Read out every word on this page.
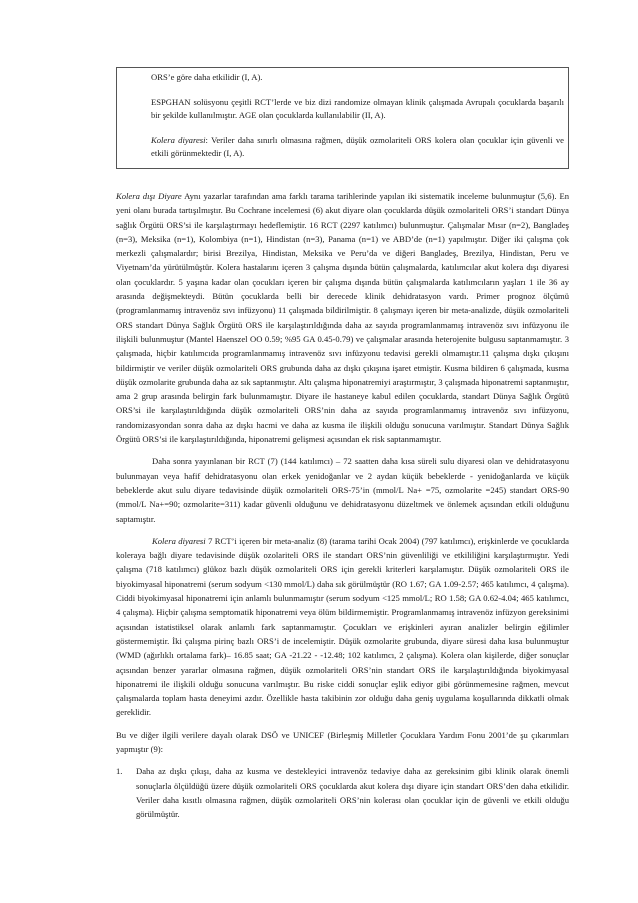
ORS’e göre daha etkilidir (I, A).

ESPGHAN solüsyonu çeşitli RCT’lerde ve biz dizi randomize olmayan klinik çalışmada Avrupalı çocuklarda başarılı bir şekilde kullanılmıştır. AGE olan çocuklarda kullanılabilir (II, A).

Kolera diyaresi: Veriler daha sınırlı olmasına rağmen, düşük ozmolariteli ORS kolera olan çocuklar için güvenli ve etkili görünmektedir (I, A).

Kolera dışı Diyare Aynı yazarlar tarafından ama farklı tarama tarihlerinde yapılan iki sistematik inceleme bulunmuştur (5,6). En yeni olanı burada tartışılmıştır. Bu Cochrane incelemesi (6) akut diyare olan çocuklarda düşük ozmolariteli ORS’i standart Dünya sağlık Örgütü ORS’si ile karşılaştırmayı hedeflemiştir. 16 RCT (2297 katılımcı) bulunmuştur. Çalışmalar Mısır (n=2), Bangladeş (n=3), Meksika (n=1), Kolombiya (n=1), Hindistan (n=3), Panama (n=1) ve ABD’de (n=1) yapılmıştır. Diğer iki çalışma çok merkezli çalışmalardır; birisi Brezilya, Hindistan, Meksika ve Peru’da ve diğeri Bangladeş, Brezilya, Hindistan, Peru ve Viyetnam’da yürütülmüştür. Kolera hastalarını içeren 3 çalışma dışında bütün çalışmalarda, katılımcılar akut kolera dışı diyaresi olan çocuklardır. 5 yaşına kadar olan çocukları içeren bir çalışma dışında bütün çalışmalarda katılımcıların yaşları 1 ile 36 ay arasında değişmekteydi. Bütün çocuklarda belli bir derecede klinik dehidratasyon vardı. Primer prognoz ölçümü (programlanmamış intravenöz sıvı infüzyonu) 11 çalışmada bildirilmiştir. 8 çalışmayı içeren bir meta-analizde, düşük ozmolariteli ORS standart Dünya Sağlık Örgütü ORS ile karşılaştırıldığında daha az sayıda programlanmamış intravenöz sıvı infüzyonu ile ilişkili bulunmuştur (Mantel Haenszel OO 0.59; %95 GA 0.45-0.79) ve çalışmalar arasında heterojenite bulgusu saptanmamıştır. 3 çalışmada, hiçbir katılımcıda programlanmamış intravenöz sıvı infüzyonu tedavisi gerekli olmamıştır.11 çalışma dışkı çıkışını bildirmiştir ve veriler düşük ozmolariteli ORS grubunda daha az dışkı çıkışına işaret etmiştir. Kusma bildiren 6 çalışmada, kusma düşük ozmolarite grubunda daha az sık saptanmıştır. Altı çalışma hiponatremiyi araştırmıştır, 3 çalışmada hiponatremi saptanmıştır, ama 2 grup arasında belirgin fark bulunmamıştır. Diyare ile hastaneye kabul edilen çocuklarda, standart Dünya Sağlık Örgütü ORS’si ile karşılaştırıldığında düşük ozmolariteli ORS’nin daha az sayıda programlanmamış intravenöz sıvı infüzyonu, randomizasyondan sonra daha az dışkı hacmi ve daha az kusma ile ilişkili olduğu sonucuna varılmıştır. Standart Dünya Sağlık Örgütü ORS’si ile karşılaştırıldığında, hiponatremi gelişmesi açısından ek risk saptanmamıştır.

Daha sonra yayınlanan bir RCT (7) (144 katılımcı) – 72 saatten daha kısa süreli sulu diyaresi olan ve dehidratasyonu bulunmayan veya hafif dehidratasyonu olan erkek yenidoğanlar ve 2 aydan küçük bebeklerde - yenidoğanlarda ve küçük bebeklerde akut sulu diyare tedavisinde düşük ozmolariteli ORS-75’in (mmol/L Na+ =75, ozmolarite =245) standart ORS-90 (mmol/L Na+=90; ozmolarite=311) kadar güvenli olduğunu ve dehidratasyonu düzeltmek ve önlemek açısından etkili olduğunu saptamıştır.

Kolera diyaresi 7 RCT’i içeren bir meta-analiz (8) (tarama tarihi Ocak 2004) (797 katılımcı), erişkinlerde ve çocuklarda koleraya bağlı diyare tedavisinde düşük ozolariteli ORS ile standart ORS’nin güvenliliği ve etkililiğini karşılaştırmıştır. Yedi çalışma (718 katılımcı) glükoz bazlı düşük ozmolariteli ORS için gerekli kriterleri karşılamıştır. Düşük ozmolariteli ORS ile biyokimyasal hiponatremi (serum sodyum <130 mmol/L) daha sık görülmüştür (RO 1.67; GA 1.09-2.57; 465 katılımcı, 4 çalışma). Ciddi biyokimyasal hiponatremi için anlamlı bulunmamıştır (serum sodyum <125 mmol/L; RO 1.58; GA 0.62-4.04; 465 katılımcı, 4 çalışma). Hiçbir çalışma semptomatik hiponatremi veya ölüm bildirmemiştir. Programlanmamış intravenöz infüzyon gereksinimi açısından istatistiksel olarak anlamlı fark saptanmamıştır. Çocukları ve erişkinleri ayıran analizler belirgin eğilimler göstermemiştir. İki çalışma pirinç bazlı ORS’i de incelemiştir. Düşük ozmolarite grubunda, diyare süresi daha kısa bulunmuştur (WMD (ağırlıklı ortalama fark)– 16.85 saat; GA -21.22 - -12.48; 102 katılımcı, 2 çalışma). Kolera olan kişilerde, diğer sonuçlar açısından benzer yararlar olmasına rağmen, düşük ozmolariteli ORS’nin standart ORS ile karşılaştırıldığında biyokimyasal hiponatremi ile ilişkili olduğu sonucuna varılmıştır. Bu riske ciddi sonuçlar eşlik ediyor gibi görünmemesine rağmen, mevcut çalışmalarda toplam hasta deneyimi azdır. Özellikle hasta takibinin zor olduğu daha geniş uygulama koşullarında dikkatli olmak gereklidir.

Bu ve diğer ilgili verilere dayalı olarak DSÖ ve UNICEF (Birleşmiş Milletler Çocuklara Yardım Fonu 2001’de şu çıkarımları yapmıştır (9):

1.	Daha az dışkı çıkışı, daha az kusma ve destekleyici intravenöz tedaviye daha az gereksinim gibi klinik olarak önemli sonuçlarla ölçüldüğü üzere düşük ozmolariteli ORS çocuklarda akut kolera dışı diyare için standart ORS’den daha etkilidir. Veriler daha kısıtlı olmasına rağmen, düşük ozmolariteli ORS’nin kolerası olan çocuklar için de güvenli ve etkili olduğu görülmüştür.
